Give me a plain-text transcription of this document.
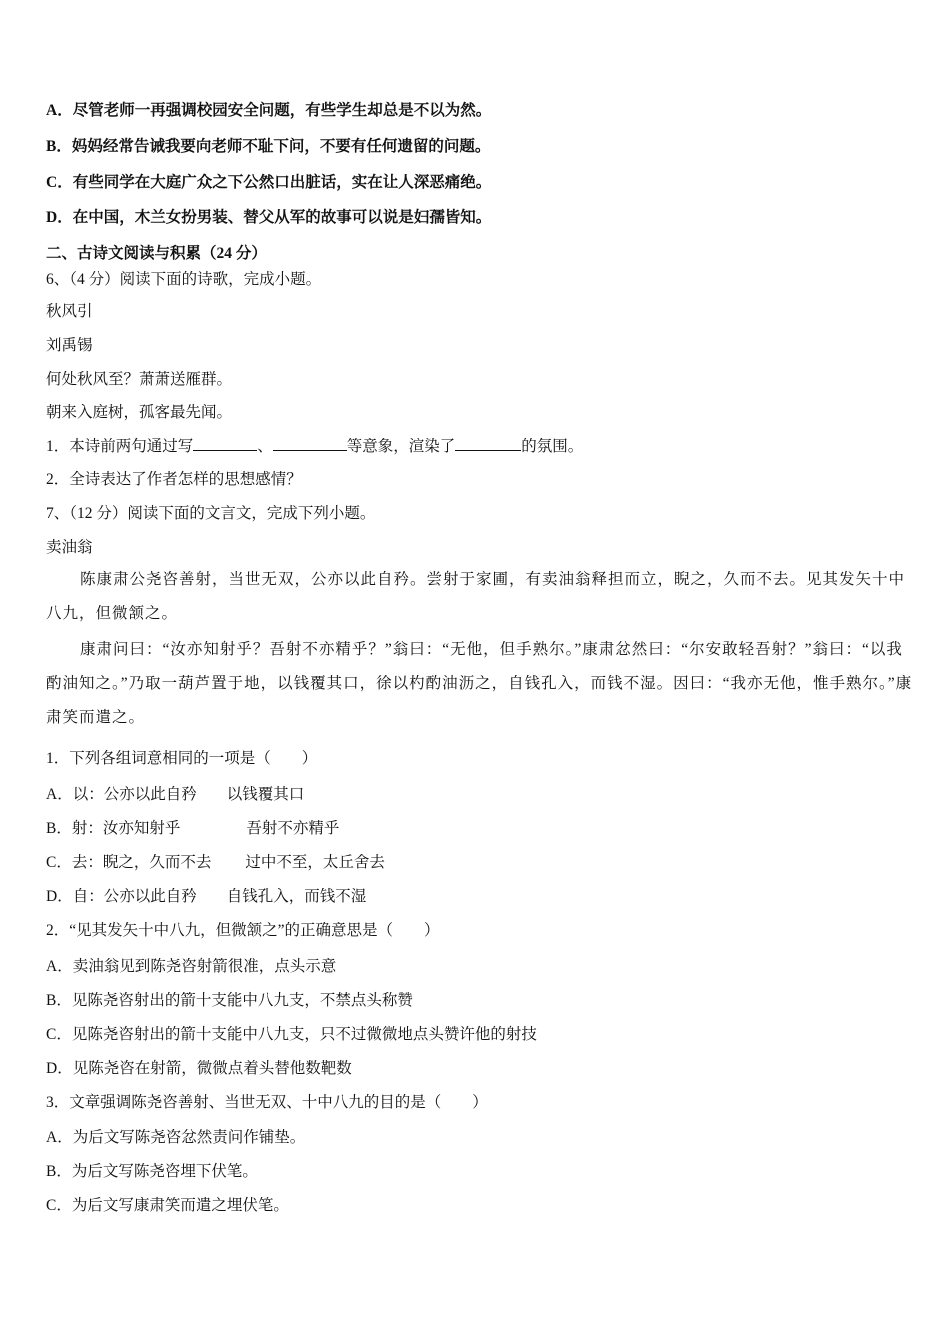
A．尽管老师一再强调校园安全问题，有些学生却总是不以为然。
B．妈妈经常告诫我要向老师不耻下问，不要有任何遗留的问题。
C．有些同学在大庭广众之下公然口出脏话，实在让人深恶痛绝。
D．在中国，木兰女扮男装、替父从军的故事可以说是妇孺皆知。
二、古诗文阅读与积累（24 分）
6、（4 分）阅读下面的诗歌，完成小题。
秋风引
刘禹锡
何处秋风至？萧萧送雁群。
朝来入庭树，孤客最先闻。
1．本诗前两句通过写	、	等意象，渲染了	的氛围。
2．全诗表达了作者怎样的思想感情？
7、（12 分）阅读下面的文言文，完成下列小题。
卖油翁
陈康肃公尧咨善射，当世无双，公亦以此自矜。尝射于家圃，有卖油翁释担而立，睨之，久而不去。见其发矢十中八九，但微颔之。
康肃问曰：“汝亦知射乎？吾射不亦精乎？”翁曰：“无他，但手熟尔。”康肃忿然曰：“尔安敢轻吾射？”翁曰：“以我酌油知之。”乃取一葫芦置于地，以钱覆其口，徐以杓酌油沥之，自钱孔入，而钱不湿。因曰：“我亦无他，惟手熟尔。”康肃笑而遣之。
1．下列各组词意相同的一项是（　　）
A．以：公亦以此自矜 以钱覆其口
B．射：汝亦知射乎	吾射不亦精乎
C．去：睨之，久而不去 过中不至，太丘舍去
D．自：公亦以此自矜 自钱孔入，而钱不湿
2．“见其发矢十中八九，但微颔之”的正确意思是（　　）
A．卖油翁见到陈尧咨射箭很准，点头示意
B．见陈尧咨射出的箭十支能中八九支，不禁点头称赞
C．见陈尧咨射出的箭十支能中八九支，只不过微微地点头赞许他的射技
D．见陈尧咨在射箭，微微点着头替他数靶数
3．文章强调陈尧咨善射、当世无双、十中八九的目的是（　　）
A．为后文写陈尧咨忿然责问作铺垫。
B．为后文写陈尧咨埋下伏笔。
C．为后文写康肃笑而遣之埋伏笔。
